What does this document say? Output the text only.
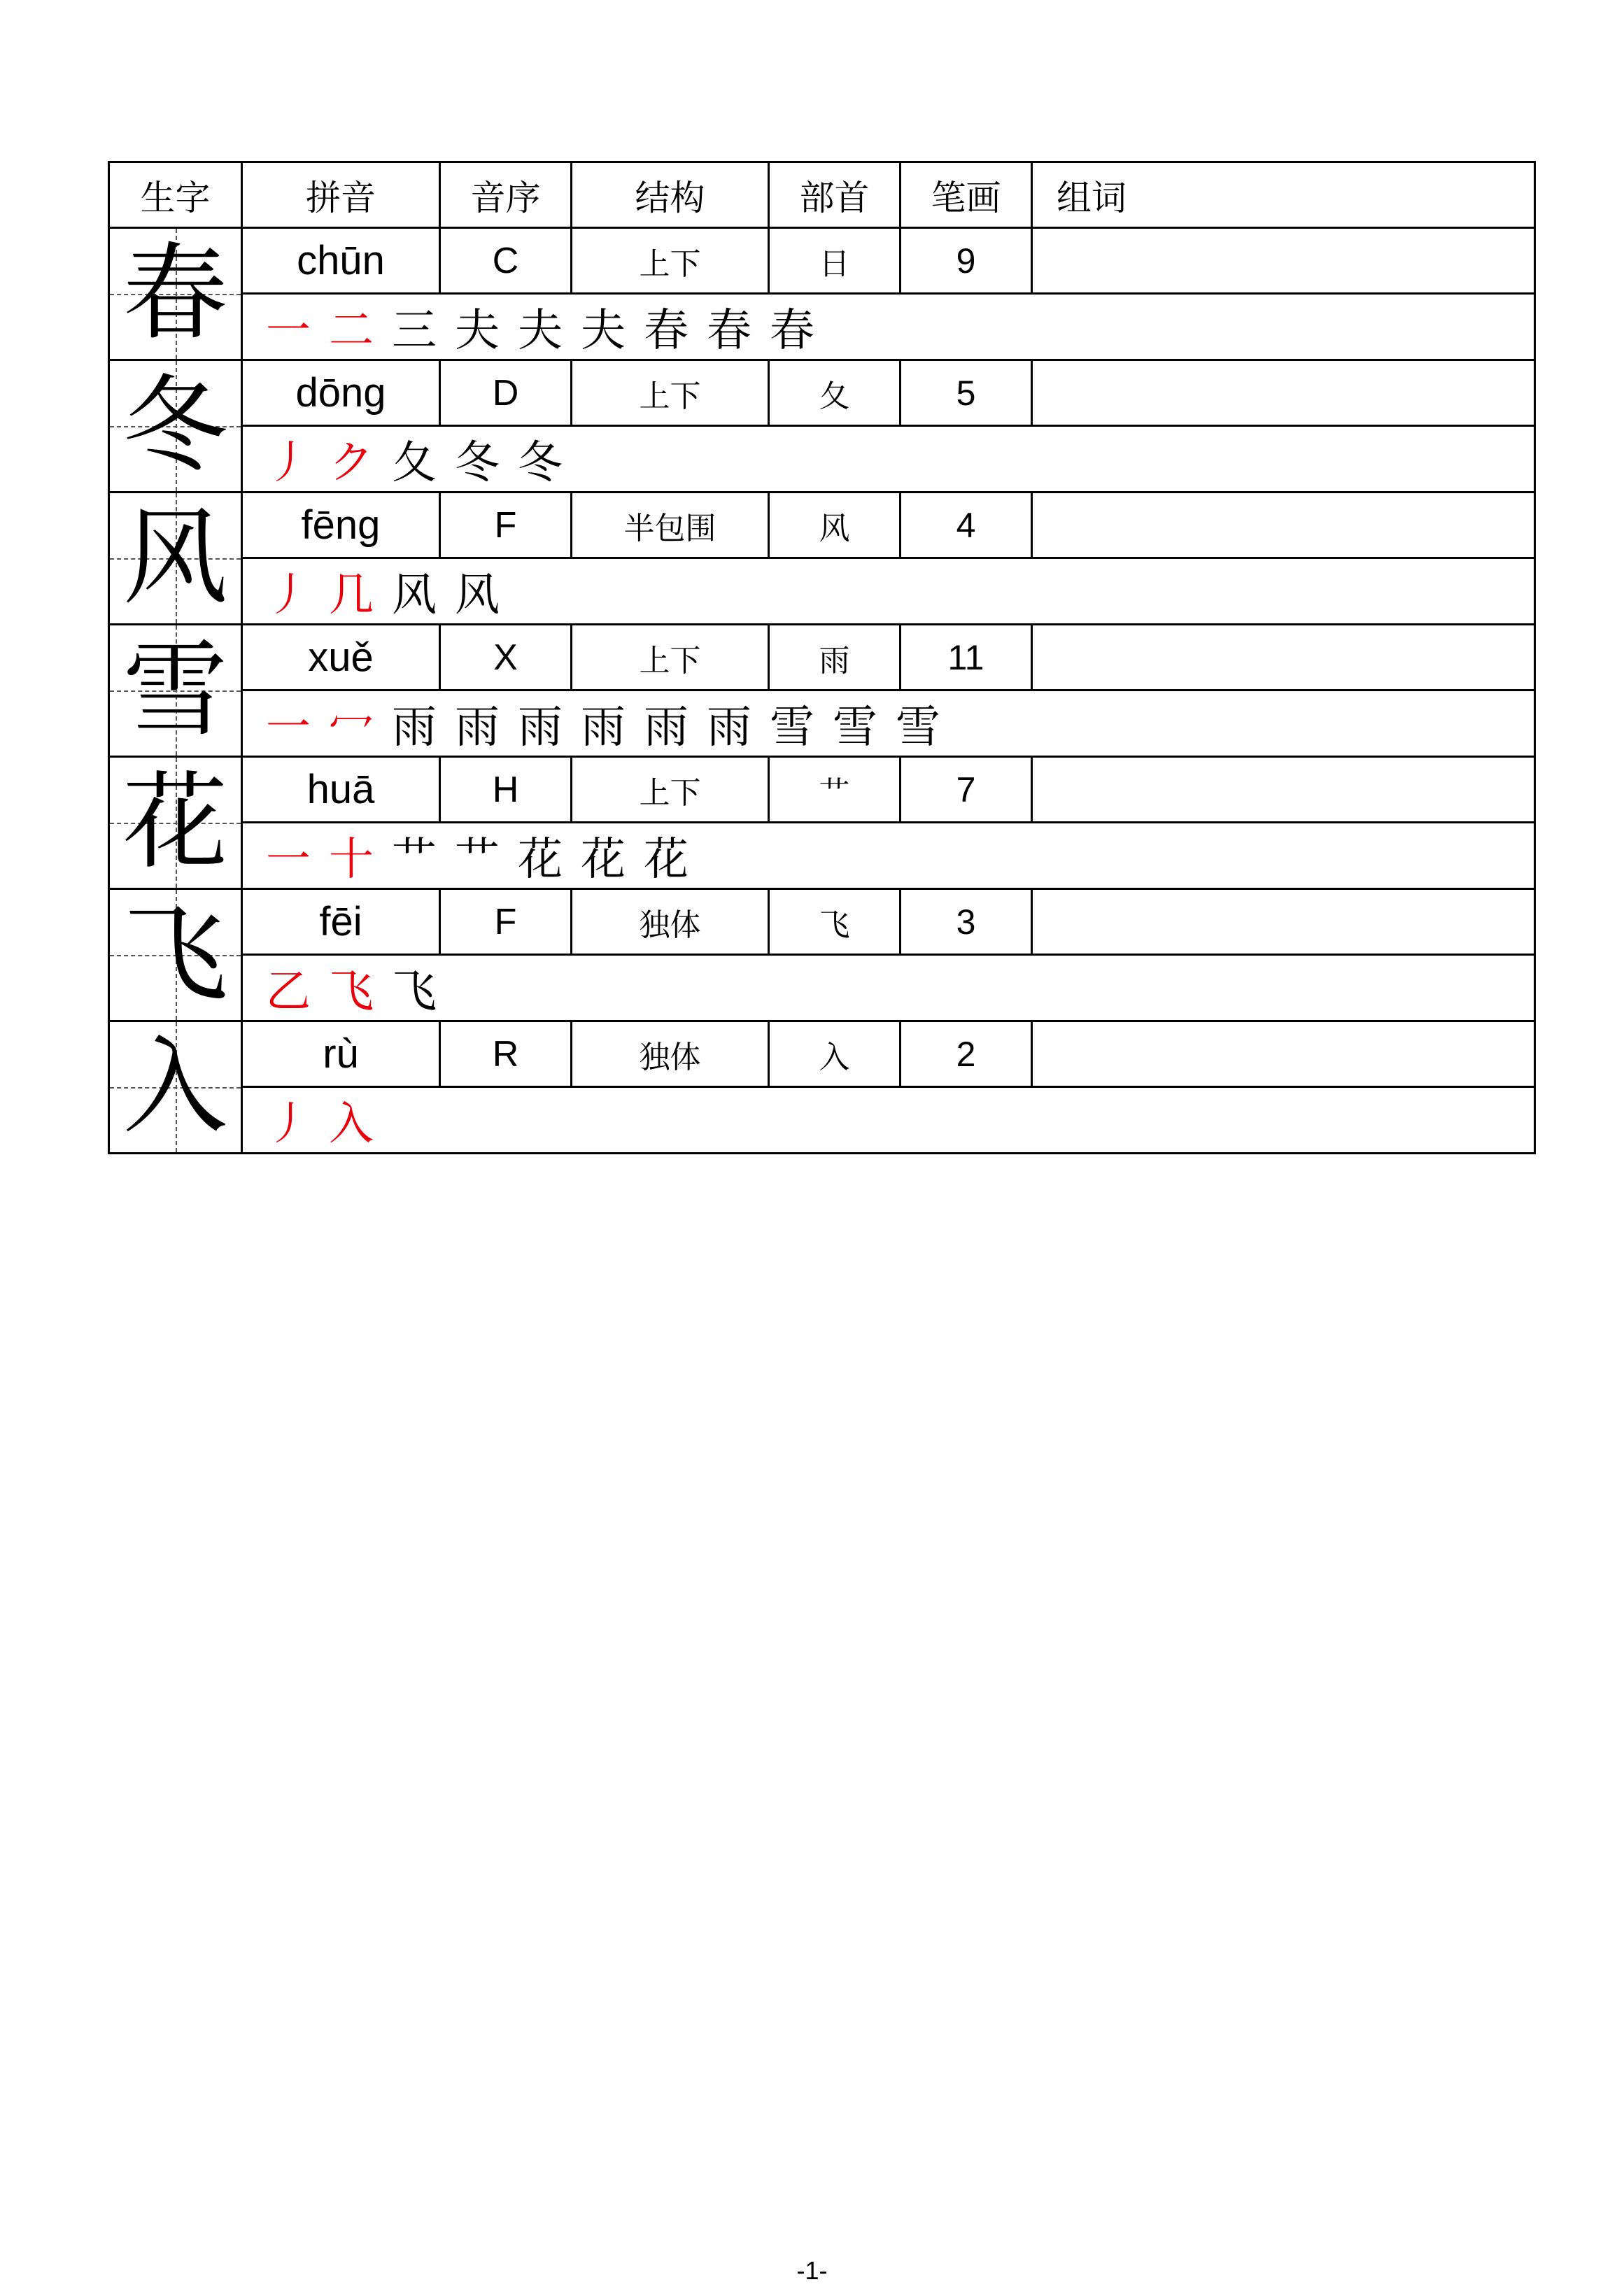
生字	拼音	音序	结构	部首	笔画	组词

春	chūn	C	上下	日	9	
	一 二 三 夫 夫 夫 春 春 春					

冬	dōng	D	上下	夂	5	
	丿 ク 夂 冬 冬					

风	fēng	F	半包围	风	4	
	丿 几 风 风					

雪	xuě	X	上下	雨	11	
	一 冖 雨 雨 雨 雨 雨 雨 雪 雪 雪					

花	huā	H	上下	艹	7	
	一 十 艹 艹 花 花 花					

飞	fēi	F	独体	飞	3	
	乙 飞 飞					

入	rù	R	独体	入	2	
	丿 入					
-1-
